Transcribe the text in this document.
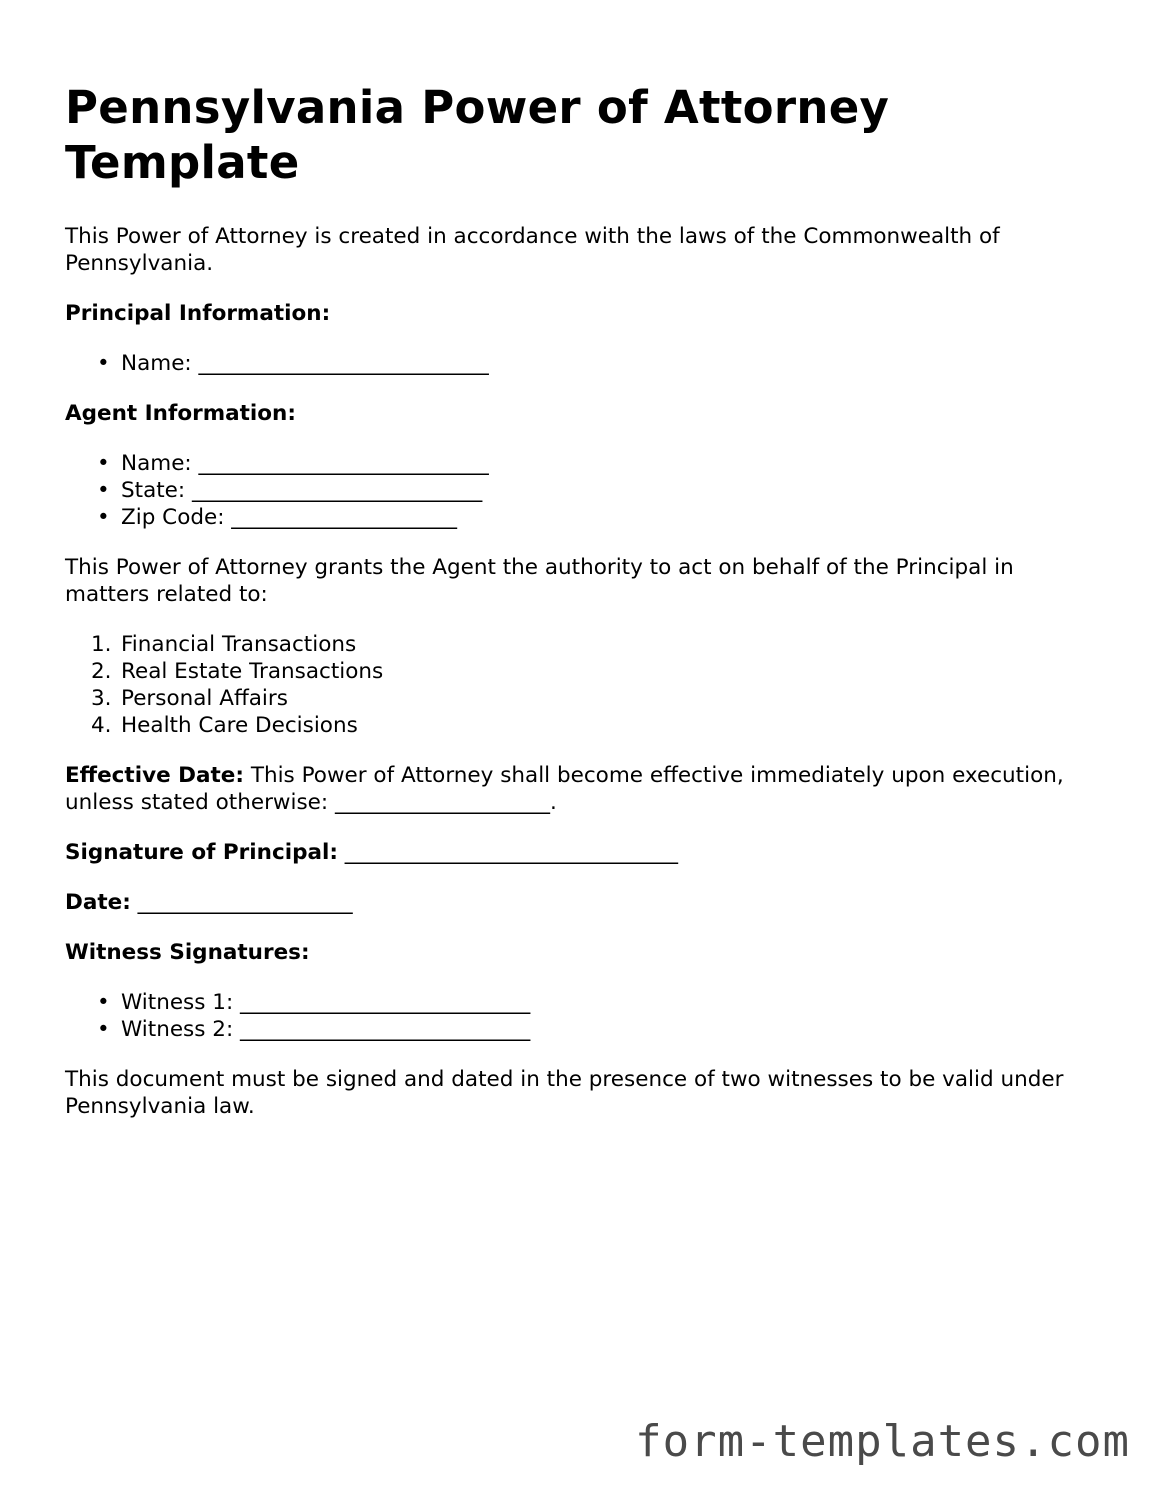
Pennsylvania Power of Attorney Template

This Power of Attorney is created in accordance with the laws of the Commonwealth of Pennsylvania.

Principal Information:

• Name: ___________________________

Agent Information:

• Name: ___________________________
• State: ___________________________
• Zip Code: _____________________

This Power of Attorney grants the Agent the authority to act on behalf of the Principal in matters related to:

1. Financial Transactions
2. Real Estate Transactions
3. Personal Affairs
4. Health Care Decisions

Effective Date: This Power of Attorney shall become effective immediately upon execution, unless stated otherwise: ____________________.

Signature of Principal: _______________________________

Date: ____________________

Witness Signatures:

• Witness 1: ___________________________
• Witness 2: ___________________________

This document must be signed and dated in the presence of two witnesses to be valid under Pennsylvania law.

form-templates.com
